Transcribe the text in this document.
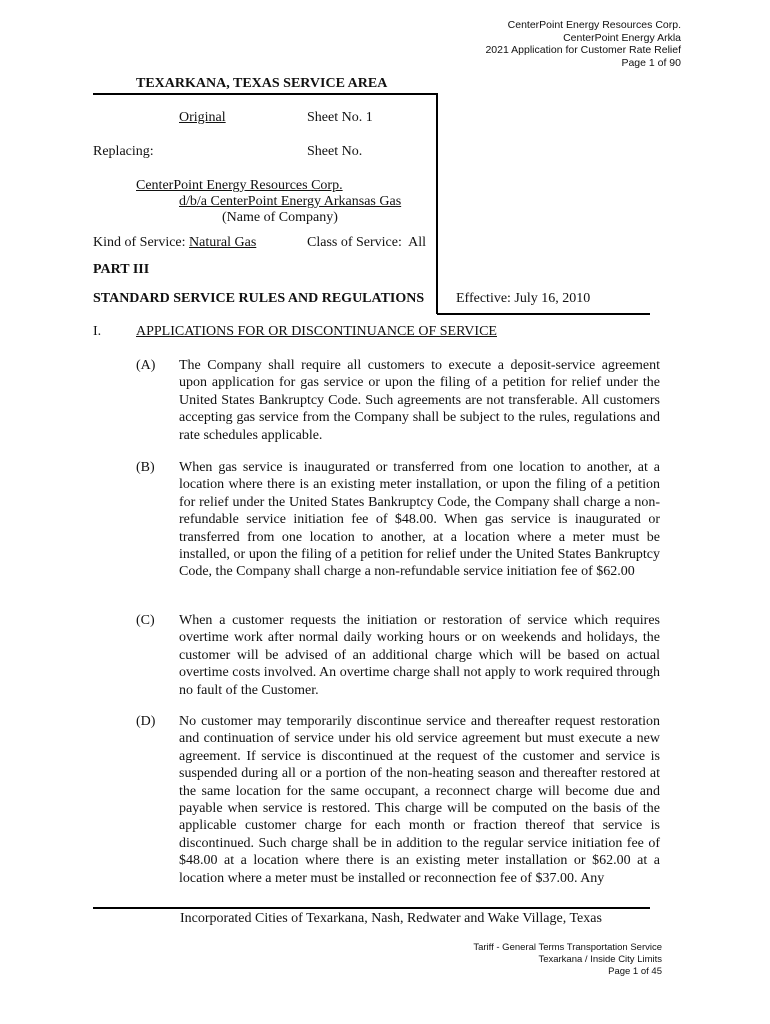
CenterPoint Energy Resources Corp.
CenterPoint Energy Arkla
2021 Application for Customer Rate Relief
Page 1 of 90
TEXARKANA, TEXAS SERVICE AREA
Original	Sheet No. 1
Replacing:	Sheet No.
CenterPoint Energy Resources Corp.
d/b/a CenterPoint Energy Arkansas Gas
(Name of Company)
Kind of Service: Natural Gas	Class of Service:  All
PART III
STANDARD SERVICE RULES AND REGULATIONS Effective: July 16, 2010
I. APPLICATIONS FOR OR DISCONTINUANCE OF SERVICE
(A) The Company shall require all customers to execute a deposit-service agreement upon application for gas service or upon the filing of a petition for relief under the United States Bankruptcy Code. Such agreements are not transferable. All customers accepting gas service from the Company shall be subject to the rules, regulations and rate schedules applicable.
(B) When gas service is inaugurated or transferred from one location to another, at a location where there is an existing meter installation, or upon the filing of a petition for relief under the United States Bankruptcy Code, the Company shall charge a non-refundable service initiation fee of $48.00. When gas service is inaugurated or transferred from one location to another, at a location where a meter must be installed, or upon the filing of a petition for relief under the United States Bankruptcy Code, the Company shall charge a non-refundable service initiation fee of $62.00
(C) When a customer requests the initiation or restoration of service which requires overtime work after normal daily working hours or on weekends and holidays, the customer will be advised of an additional charge which will be based on actual overtime costs involved. An overtime charge shall not apply to work required through no fault of the Customer.
(D) No customer may temporarily discontinue service and thereafter request restoration and continuation of service under his old service agreement but must execute a new agreement. If service is discontinued at the request of the customer and service is suspended during all or a portion of the non-heating season and thereafter restored at the same location for the same occupant, a reconnect charge will become due and payable when service is restored. This charge will be computed on the basis of the applicable customer charge for each month or fraction thereof that service is discontinued. Such charge shall be in addition to the regular service initiation fee of $48.00 at a location where there is an existing meter installation or $62.00 at a location where a meter must be installed or reconnection fee of $37.00. Any
Incorporated Cities of Texarkana, Nash, Redwater and Wake Village, Texas
Tariff - General Terms Transportation Service
Texarkana / Inside City Limits
Page 1 of 45
